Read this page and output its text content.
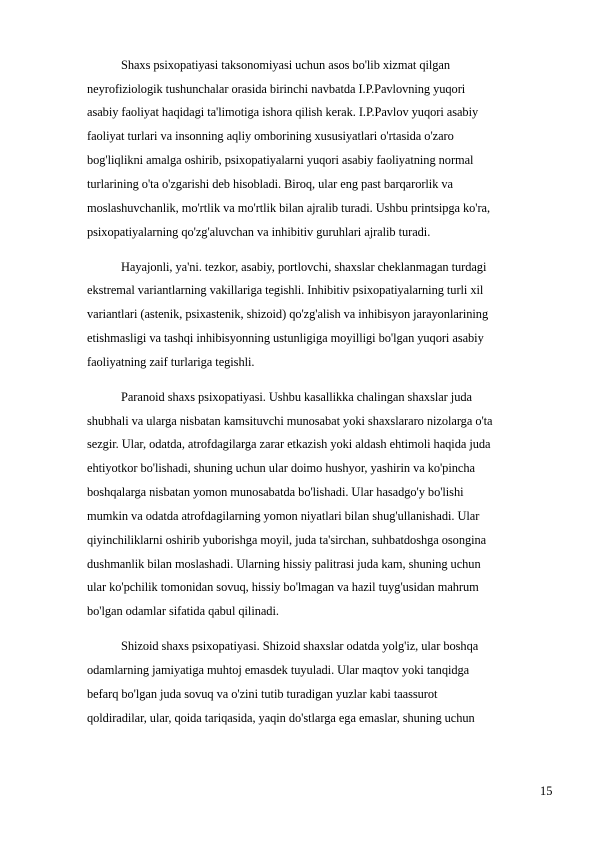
Shaxs psixopatiyasi taksonomiyasi uchun asos bo'lib xizmat qilgan
neyrofiziologik tushunchalar orasida birinchi navbatda I.P.Pavlovning yuqori
asabiy faoliyat haqidagi ta'limotiga ishora qilish kerak. I.P.Pavlov yuqori asabiy
faoliyat turlari va insonning aqliy omborining xususiyatlari o'rtasida o'zaro
bog'liqlikni amalga oshirib, psixopatiyalarni yuqori asabiy faoliyatning normal
turlarining o'ta o'zgarishi deb hisobladi. Biroq, ular eng past barqarorlik va
moslashuvchanlik, mo'rtlik va mo'rtlik bilan ajralib turadi. Ushbu printsipga ko'ra,
psixopatiyalarning qo'zg'aluvchan va inhibitiv guruhlari ajralib turadi.
Hayajonli, ya'ni. tezkor, asabiy, portlovchi, shaxslar cheklanmagan turdagi
ekstremal variantlarning vakillariga tegishli. Inhibitiv psixopatiyalarning turli xil
variantlari (astenik, psixastenik, shizoid) qo'zg'alish va inhibisyon jarayonlarining
etishmasligi va tashqi inhibisyonning ustunligiga moyilligi bo'lgan yuqori asabiy
faoliyatning zaif turlariga tegishli.
Paranoid shaxs psixopatiyasi. Ushbu kasallikka chalingan shaxslar juda
shubhali va ularga nisbatan kamsituvchi munosabat yoki shaxslararo nizolarga o'ta
sezgir. Ular, odatda, atrofdagilarga zarar etkazish yoki aldash ehtimoli haqida juda
ehtiyotkor bo'lishadi, shuning uchun ular doimo hushyor, yashirin va ko'pincha
boshqalarga nisbatan yomon munosabatda bo'lishadi. Ular hasadgo'y bo'lishi
mumkin va odatda atrofdagilarning yomon niyatlari bilan shug'ullanishadi. Ular
qiyinchiliklarni oshirib yuborishga moyil, juda ta'sirchan, suhbatdoshga osongina
dushmanlik bilan moslashadi. Ularning hissiy palitrasi juda kam, shuning uchun
ular ko'pchilik tomonidan sovuq, hissiy bo'lmagan va hazil tuyg'usidan mahrum
bo'lgan odamlar sifatida qabul qilinadi.
Shizoid shaxs psixopatiyasi. Shizoid shaxslar odatda yolg'iz, ular boshqa
odamlarning jamiyatiga muhtoj emasdek tuyuladi. Ular maqtov yoki tanqidga
befarq bo'lgan juda sovuq va o'zini tutib turadigan yuzlar kabi taassurot
qoldiradilar, ular, qoida tariqasida, yaqin do'stlarga ega emaslar, shuning uchun
15
